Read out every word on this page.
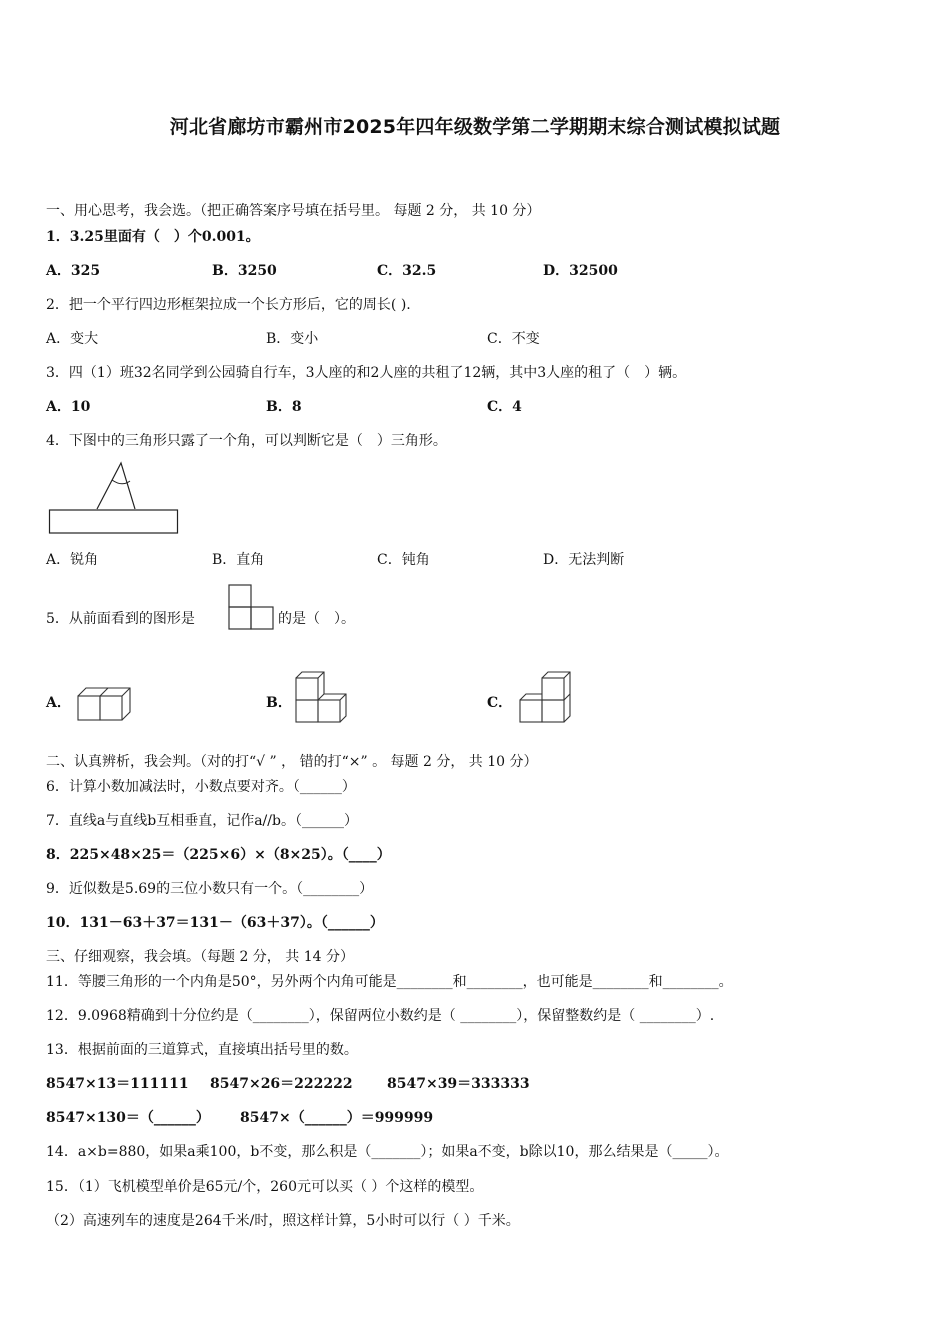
河北省廊坊市霸州市2025年四年级数学第二学期期末综合测试模拟试题
一、用心思考，我会选。（把正确答案序号填在括号里。 每题 2 分， 共 10 分）
1．3.25里面有（　）个0.001。
A．325	B．3250	C．32.5	D．32500
2．把一个平行四边形框架拉成一个长方形后，它的周长( ).
A．变大	B．变小	C．不变
3．四（1）班32名同学到公园骑自行车，3人座的和2人座的共租了12辆，其中3人座的租了（　）辆。
A．10	B．8	C．4
4．下图中的三角形只露了一个角，可以判断它是（　）三角形。
A．锐角	B．直角	C．钝角	D．无法判断
5．从前面看到的图形是	的是（　）。
A．	B．	C．
二、认真辨析，我会判。（对的打“√ ” ， 错的打“×” 。 每题 2 分， 共 10 分）
6．计算小数加减法时，小数点要对齐。（______）
7．直线a与直线b互相垂直，记作a//b。（______）
8．225×48×25＝（225×6）×（8×25）。（____）
9．近似数是5.69的三位小数只有一个。（________）
10．131－63＋37＝131－（63＋37）。（______）
三、仔细观察，我会填。（每题 2 分， 共 14 分）
11．等腰三角形的一个内角是50°，另外两个内角可能是________和________，也可能是________和________。
12．9.0968精确到十分位约是（________），保留两位小数约是（ ________），保留整数约是（ ________）.
13．根据前面的三道算式，直接填出括号里的数。
8547×13＝111111 8547×26＝222222 8547×39＝333333
8547×130＝（______） 8547×（______）＝999999
14．a×b=880，如果a乘100，b不变，那么积是（_______）；如果a不变，b除以10，那么结果是（_____）。
15．（1）飞机模型单价是65元/个，260元可以买（ ）个这样的模型。
（2）高速列车的速度是264千米/时，照这样计算，5小时可以行（ ）千米。
